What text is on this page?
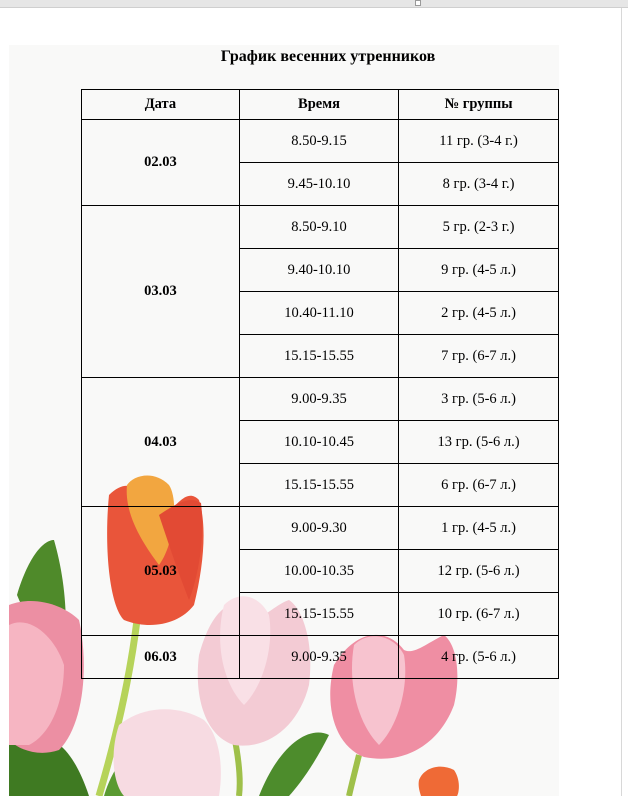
График весенних утренников
Дата	Время	№ группы
02.03	8.50-9.15	11 гр. (3-4 г.)
	9.45-10.10	8 гр. (3-4 г.)
03.03	8.50-9.10	5 гр. (2-3 г.)
	9.40-10.10	9 гр. (4-5 л.)
	10.40-11.10	2 гр. (4-5 л.)
	15.15-15.55	7 гр. (6-7 л.)
04.03	9.00-9.35	3 гр. (5-6 л.)
	10.10-10.45	13 гр. (5-6 л.)
	15.15-15.55	6 гр. (6-7 л.)
05.03	9.00-9.30	1 гр. (4-5 л.)
	10.00-10.35	12 гр. (5-6 л.)
	15.15-15.55	10 гр. (6-7 л.)
06.03	9.00-9.35	4 гр. (5-6 л.)
